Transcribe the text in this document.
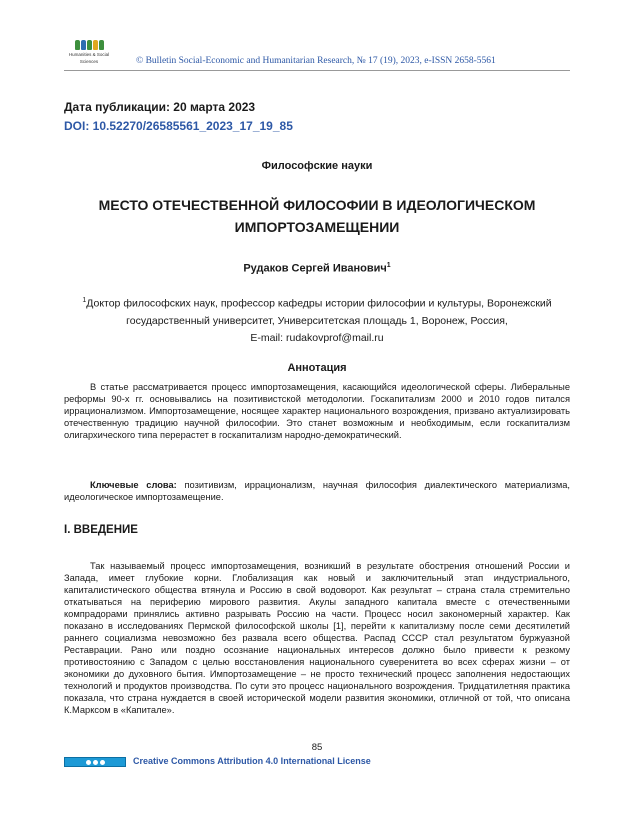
Humanities & Social
Sciences	© Bulletin Social-Economic and Humanitarian Research, № 17 (19), 2023, e-ISSN 2658-5561
Дата публикации: 20 марта 2023
DOI: 10.52270/26585561_2023_17_19_85
Философские науки
МЕСТО ОТЕЧЕСТВЕННОЙ ФИЛОСОФИИ В ИДЕОЛОГИЧЕСКОМ ИМПОРТОЗАМЕЩЕНИИ
Рудаков Сергей Иванович$^1$
$^1$Доктор философских наук, профессор кафедры истории философии и культуры, Воронежский государственный университет, Университетская площадь 1, Воронеж, Россия,
E-mail: rudakovprof@mail.ru
Аннотация
В статье рассматривается процесс импортозамещения, касающийся идеологической сферы. Либеральные реформы 90-х гг. основывались на позитивистской методологии. Госкапитализм 2000 и 2010 годов питался иррационализмом. Импортозамещение, носящее характер национального возрождения, призвано актуализировать отечественную традицию научной философии. Это станет возможным и необходимым, если госкапитализм олигархического типа перерастет в госкапитализм народно-демократический.
Ключевые слова: позитивизм, иррационализм, научная философия диалектического материализма, идеологическое импортозамещение.
I. ВВЕДЕНИЕ
Так называемый процесс импортозамещения, возникший в результате обострения отношений России и Запада, имеет глубокие корни. Глобализация как новый и заключительный этап индустриального, капиталистического общества втянула и Россию в свой водоворот. Как результат – страна стала стремительно откатываться на периферию мирового развития. Акулы западного капитала вместе с отечественными компрадорами принялись активно разрывать Россию на части. Процесс носил закономерный характер. Как показано в исследованиях Пермской философской школы [1], перейти к капитализму после семи десятилетий раннего социализма невозможно без развала всего общества. Распад СССР стал результатом буржуазной Реставрации. Рано или поздно осознание национальных интересов должно было привести к резкому противостоянию с Западом с целью восстановления национального суверенитета во всех сферах жизни – от экономики до духовного бытия. Импортозамещение – не просто технический процесс заполнения недостающих технологий и продуктов производства. По сути это процесс национального возрождения. Тридцатилетняя практика показала, что страна нуждается в своей исторической модели развития экономики, отличной от той, что описана К.Марксом в «Капитале».
85
Creative Commons Attribution 4.0 International License
